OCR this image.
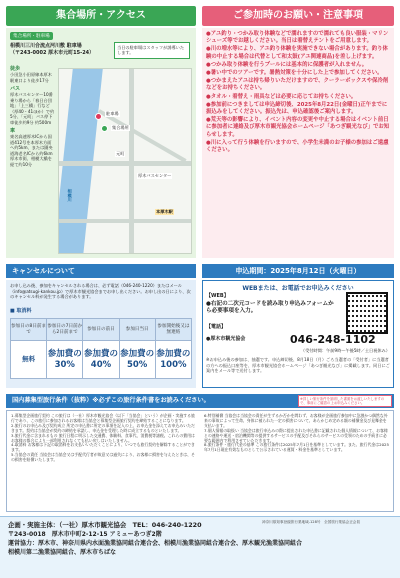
集合場所・アクセス
集合場所・駐車場
相模川三川合流点河川敷 駐車場
（〒243-0002 厚木市元町15-24）
当日の駐車場はスタッフが誘導いたします。
徒歩
小田急小田原線本厚木駅東口より徒歩17分
バス
厚木バスセンター10番乗り場から「春日台団地」「上三橋」行など（厚40・41ほか）で約5分、「元町」バス停下車徒歩約9分 約500m
車
東名高速厚木ICから国道412号を本厚木方面へ約5km、または圏央道海老名ICから約6km 厚木市街、相模大橋を経て約10分
駐車場
集合場所
厚木バスセンター
本厚木駅
元町
相模川
ご参加時のお願い・注意事項
●アユ釣り・つかみ取り体験などで濡れますので濡れても良い服装・マリンシューズ等でお越しください。当日は着替えテントをご用意します。
●川の増水等により、アユ釣り体験を実施できない場合があります。釣り体験の中止する場合は代替として和太鼓(アユ関連商品)を差し上げます。
●つかみ取り体験を行うプールには基本的に保護者が入れません。
●暑い中でのツアーです。暑熱対策を十分にした上で参加してください。
●つかまえたアユは持ち帰りいただけますので、クーラーボックスや保冷剤などをお持ちください。
●タオル・着替え・雨具などは必要に応じてお持ちください。
●参加前につきましては申込締切後、2025年8月22日(金曜日)正午までに振込みをしてください。振込先は、申込確認後ご案内します。
●荒天等の影響により、イベント内容の変更や中止する場合はイベント前日に参加者に連絡及び厚木市観光協会ホームページ「あつぎ観光なび」でお知らせします。
●川に入って行う体験を行いますので、小学生未満のお子様の参加はご遠慮ください。
キャンセルについて
お申し込み後、参加をキャンセルされる場合は、必ず電話（046-240-1220）またはメール（info@atsugi-kankou.jp）で厚木市観光協会までお申し出ください。お申し出の日により、次のキャンセル料が発生する場合があります。
■ 取消料
参加日の8日前まで	参加日の7日前から2日前まで	参加日の前日	参加日当日	参加開始後又は無連絡
無料	参加費の30%	参加費の40%	参加費の50%	参加費の100%
申込期間：2025年8月12日（火曜日）
WEBまたは、お電話でお申込みください
【WEB】
●右記の二次元コードを読み取り申込みフォームから必要事項を入力。
【電話】
●厚木市観光協会	046-248-1102
（受付時間：午前9時～午後5時／土日祝休み）
※お申込み後の参加は、抽選です。申込締切後、8月18日（月）ごろ当選者の「受付者」に当選者の方への振込口座等を、厚木市観光協会ホームページ「あつぎ観光なび」に掲載します。同日にご案内をメール等で送付します。
国内募集型旅行条件（抜粋）※必ずこの旅行条件書をお読みください。	※詳しい旅行条件を説明した書面をお渡しいたしますので、事前にご確認の上お申込みください。

1.募集型企画旅行契約 この旅行は（一社）厚木市観光協会（以下「当協会」という）が企画・実施する旅行であり、この旅行に参加されるお客様は当協会と募集型企画旅行契約を締結することになります。

2.旅行のお申込み及び契約成立 所定の申込書に所定の事項を記入の上、お申込金を添えてお申込みいただきます。契約は当協会が契約の締結を承諾し、申込金を受理した時に成立するものといたします。

3.旅行代金に含まれるもの 旅行日程に明示した交通費、体験料、食事代、消費税等諸税。これらの費用はお客様の都合により一部利用されなくても払い戻しはいたしません。

4.取消料 お客様は下記の取消料をお支払いいただくことにより、いつでも旅行契約を解除することができます。

5.当協会の責任 当協会は当協会又は手配代行者が故意又は過失により、お客様に損害を与えたときは、その損害を賠償いたします。

6.特別補償 当協会は当協会の責任が生ずるか否かを問わず、お客様が企画旅行参加中に急激かつ偶然な外来の事故によって生命、身体に被られた一定の損害について、あらかじめ定める額の補償金及び見舞金を支払います。

7.個人情報の取扱い 当協会は旅行申込みの際に提出された申込書に記載された個人情報について、お客様との連絡や運送・宿泊機関等の提供するサービスの手配及びそれらのサービスの受領のための手続きに必要な範囲内で利用させていただきます。

8.旅行条件・旅行代金の基準 この旅行条件は2025年7月1日を基準としています。また、旅行代金は2025年7月1日現在有効なものとして公示されている運賃・料金を基準としています。

企画・実施主体：（一社）厚木市観光協会　TEL：046-240-1220
〒243-0018　厚木市中町2-12-15 アミューあつぎ2階
運営協力：厚木市、神奈川県内水面漁業協同組合連合会、相模川漁業協同組合連合会、厚木観光漁業協同組合
相模川第二漁業協同組合、厚木市ちばな
神奈川県知事登録旅行業地域-128号　全国旅行業協会正会員
